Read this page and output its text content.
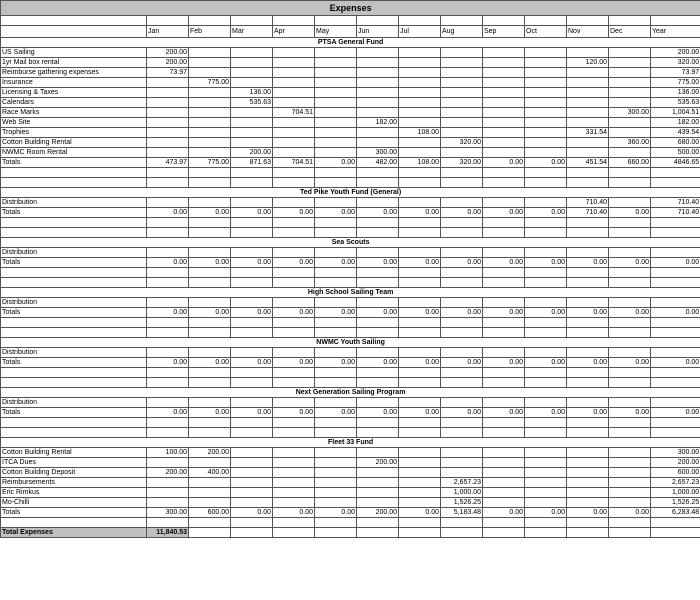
Expenses													

	Jan	Feb	Mar	Apr	May	Jun	Jul	Aug	Sep	Oct	Nov	Dec	Year
PTSA General Fund													
US Sailing	200.00												200.00
1yr Mail box rental	200.00										120.00		320.00
Reimburse gathering expenses	73.97												73.97
Insurance		775.00											775.00
Licensing & Taxes			136.00										136.00
Calendars			535.63										535.63
Race Marks				704.51								300.00	1,004.51
Web Site						182.00							182.00
Trophies							108.00				331.54		439.54
Cotton Building Rental								320.00				360.00	680.00
NWMC Room Rental			200.00			300.00							500.00
Totals	473.97	775.00	871.63	704.51	0.00	482.00	108.00	320.00	0.00	0.00	451.54	660.00	4846.65

Ted Pike Youth Fund (General)													
Distribution											710.40		710.40
Totals	0.00	0.00	0.00	0.00	0.00	0.00	0.00	0.00	0.00	0.00	710.40	0.00	710.40

Sea Scouts													
Distribution													
Totals	0.00	0.00	0.00	0.00	0.00	0.00	0.00	0.00	0.00	0.00	0.00	0.00	0.00

High School Sailing Team													
Distribution													
Totals	0.00	0.00	0.00	0.00	0.00	0.00	0.00	0.00	0.00	0.00	0.00	0.00	0.00

NWMC Youth Sailing													
Distribution													
Totals	0.00	0.00	0.00	0.00	0.00	0.00	0.00	0.00	0.00	0.00	0.00	0.00	0.00

Next Generation Sailing Program													
Distribution													
Totals	0.00	0.00	0.00	0.00	0.00	0.00	0.00	0.00	0.00	0.00	0.00	0.00	0.00

Fleet 33 Fund													
Cotton Building Rental	100.00	200.00											300.00
ITCA Dues						200.00							200.00
Cotton Building Deposit	200.00	400.00											600.00
Reimbursements								2,657.23					2,657.23
Eric Rimkus								1,000.00					1,000.00
Mo-Chilli								1,526.25					1,526.25
Totals	300.00	600.00	0.00	0.00	0.00	200.00	0.00	5,183.48	0.00	0.00	0.00	0.00	6,283.48

Total Expenses	11,840.53												
